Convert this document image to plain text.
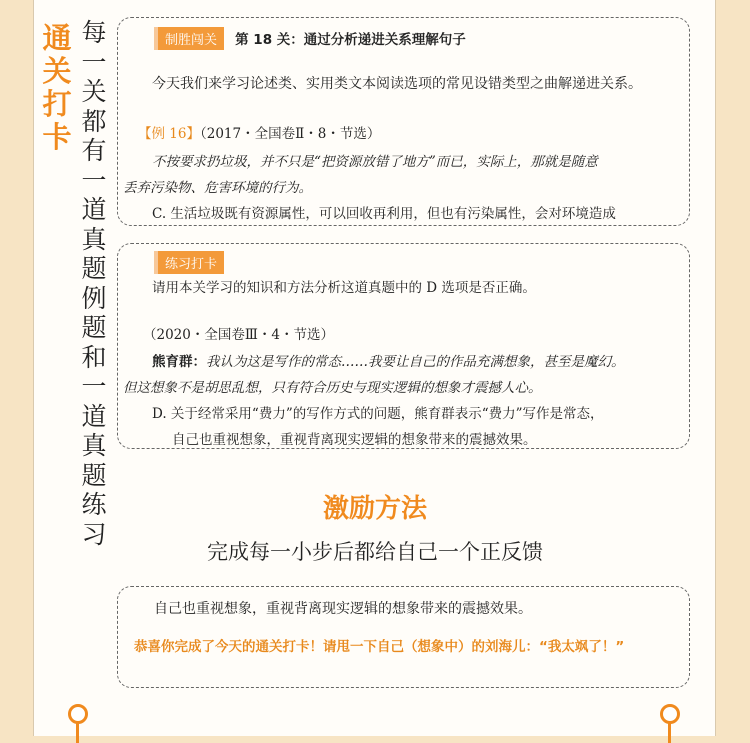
通关打卡
每一关都有一道真题例题和一道真题练习
制胜闯关 第 18 关：通过分析递进关系理解句子
今天我们来学习论述类、实用类文本阅读选项的常见设错类型之曲解递进关系。
【例 16】（2017・全国卷Ⅱ・8・节选）
不按要求扔垃圾，并不只是“把资源放错了地方”而已，实际上，那就是随意
丢弃污染物、危害环境的行为。
C. 生活垃圾既有资源属性，可以回收再利用，但也有污染属性，会对环境造成
练习打卡
请用本关学习的知识和方法分析这道真题中的 D 选项是否正确。
（2020・全国卷Ⅲ・4・节选）
熊育群：我认为这是写作的常态……我要让自己的作品充满想象，甚至是魔幻。
但这想象不是胡思乱想，只有符合历史与现实逻辑的想象才震撼人心。
D. 关于经常采用“费力”的写作方式的问题，熊育群表示“费力”写作是常态，
自己也重视想象，重视背离现实逻辑的想象带来的震撼效果。
激励方法
完成每一小步后都给自己一个正反馈
自己也重视想象，重视背离现实逻辑的想象带来的震撼效果。
恭喜你完成了今天的通关打卡！请甩一下自己（想象中）的刘海儿：“我太飒了！”
